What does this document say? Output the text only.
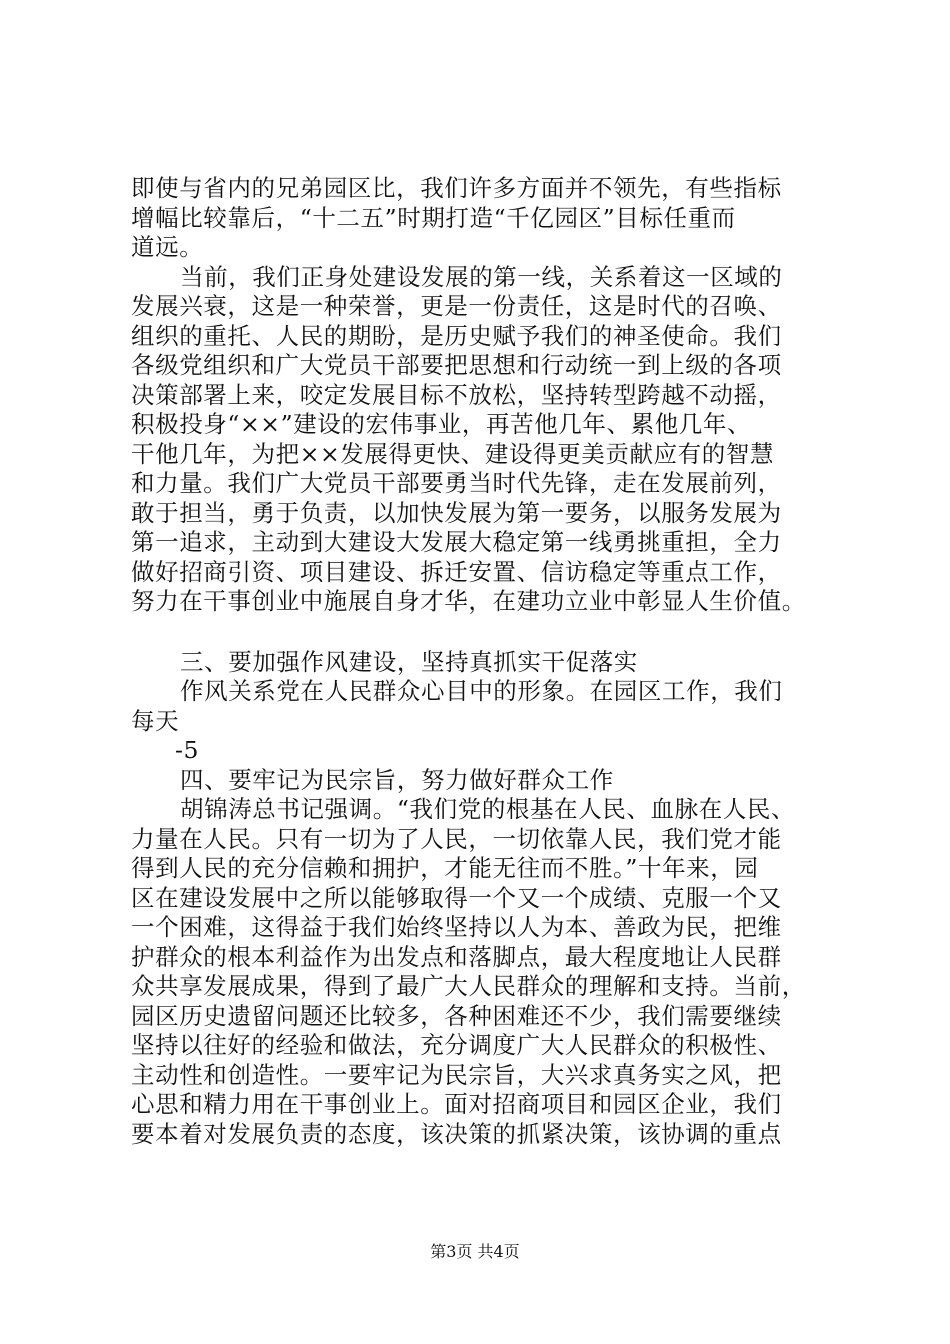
即使与省内的兄弟园区比，我们许多方面并不领先，有些指标
增幅比较靠后，“十二五”时期打造“千亿园区”目标任重而
道远。
当前，我们正身处建设发展的第一线，关系着这一区域的
发展兴衰，这是一种荣誉，更是一份责任，这是时代的召唤、
组织的重托、人民的期盼，是历史赋予我们的神圣使命。我们
各级党组织和广大党员干部要把思想和行动统一到上级的各项
决策部署上来，咬定发展目标不放松，坚持转型跨越不动摇，
积极投身“××”建设的宏伟事业，再苦他几年、累他几年、
干他几年，为把××发展得更快、建设得更美贡献应有的智慧
和力量。我们广大党员干部要勇当时代先锋，走在发展前列，
敢于担当，勇于负责，以加快发展为第一要务，以服务发展为
第一追求，主动到大建设大发展大稳定第一线勇挑重担，全力
做好招商引资、项目建设、拆迁安置、信访稳定等重点工作，
努力在干事创业中施展自身才华，在建功立业中彰显人生价值。
三、要加强作风建设，坚持真抓实干促落实
作风关系党在人民群众心目中的形象。在园区工作，我们
每天
-5
四、要牢记为民宗旨，努力做好群众工作
胡锦涛总书记强调。“我们党的根基在人民、血脉在人民、
力量在人民。只有一切为了人民，一切依靠人民，我们党才能
得到人民的充分信赖和拥护，才能无往而不胜。”十年来，园
区在建设发展中之所以能够取得一个又一个成绩、克服一个又
一个困难，这得益于我们始终坚持以人为本、善政为民，把维
护群众的根本利益作为出发点和落脚点，最大程度地让人民群
众共享发展成果，得到了最广大人民群众的理解和支持。当前，
园区历史遗留问题还比较多，各种困难还不少，我们需要继续
坚持以往好的经验和做法，充分调度广大人民群众的积极性、
主动性和创造性。一要牢记为民宗旨，大兴求真务实之风，把
心思和精力用在干事创业上。面对招商项目和园区企业，我们
要本着对发展负责的态度，该决策的抓紧决策，该协调的重点
第3页 共4页
